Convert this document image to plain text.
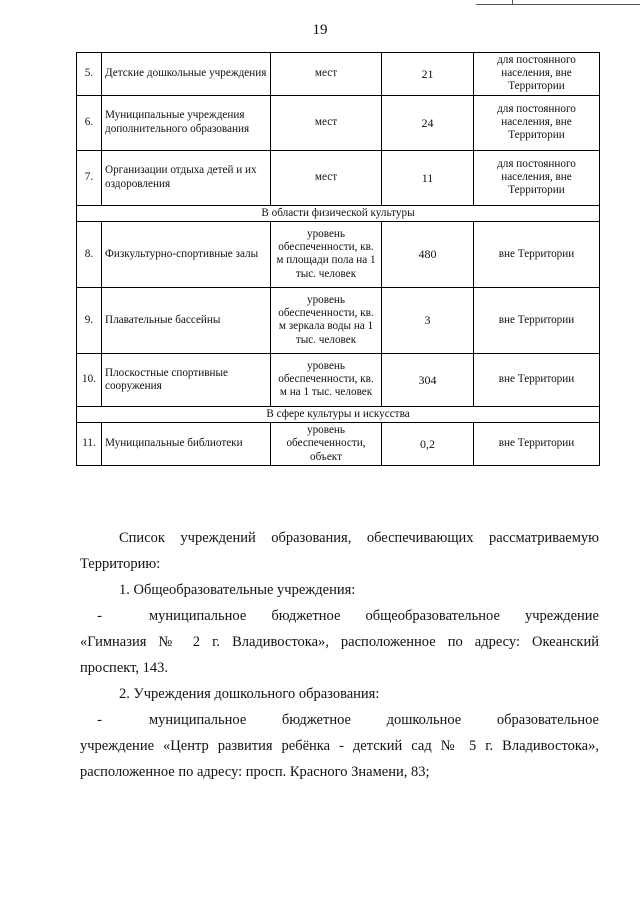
19
5.	Детские дошкольные учреждения	мест	21	для постоянного населения, вне Территории
6.	Муниципальные учреждения дополнительного образования	мест	24	для постоянного населения, вне Территории
7.	Организации отдыха детей и их оздоровления	мест	11	для постоянного населения, вне Территории
В области физической культуры				
8.	Физкультурно-спортивные залы	уровень обеспеченности, кв. м площади пола на 1 тыс. человек	480	вне Территории
9.	Плавательные бассейны	уровень обеспеченности, кв. м зеркала воды на 1 тыс. человек	3	вне Территории
10.	Плоскостные спортивные сооружения	уровень обеспеченности, кв. м на 1 тыс. человек	304	вне Территории
В сфере культуры и искусства				
11.	Муниципальные библиотеки	уровень обеспеченности, объект	0,2	вне Территории
Список учреждений образования, обеспечивающих рассматриваемую
Территорию:
1. Общеобразовательные учреждения:
-	муниципальное бюджетное общеобразовательное учреждение
«Гимназия № 2 г. Владивостока», расположенное по адресу: Океанский
проспект, 143.
2. Учреждения дошкольного образования:
-	муниципальное бюджетное дошкольное образовательное
учреждение «Центр развития ребёнка - детский сад № 5 г. Владивостока»,
расположенное по адресу: просп. Красного Знамени, 83;
